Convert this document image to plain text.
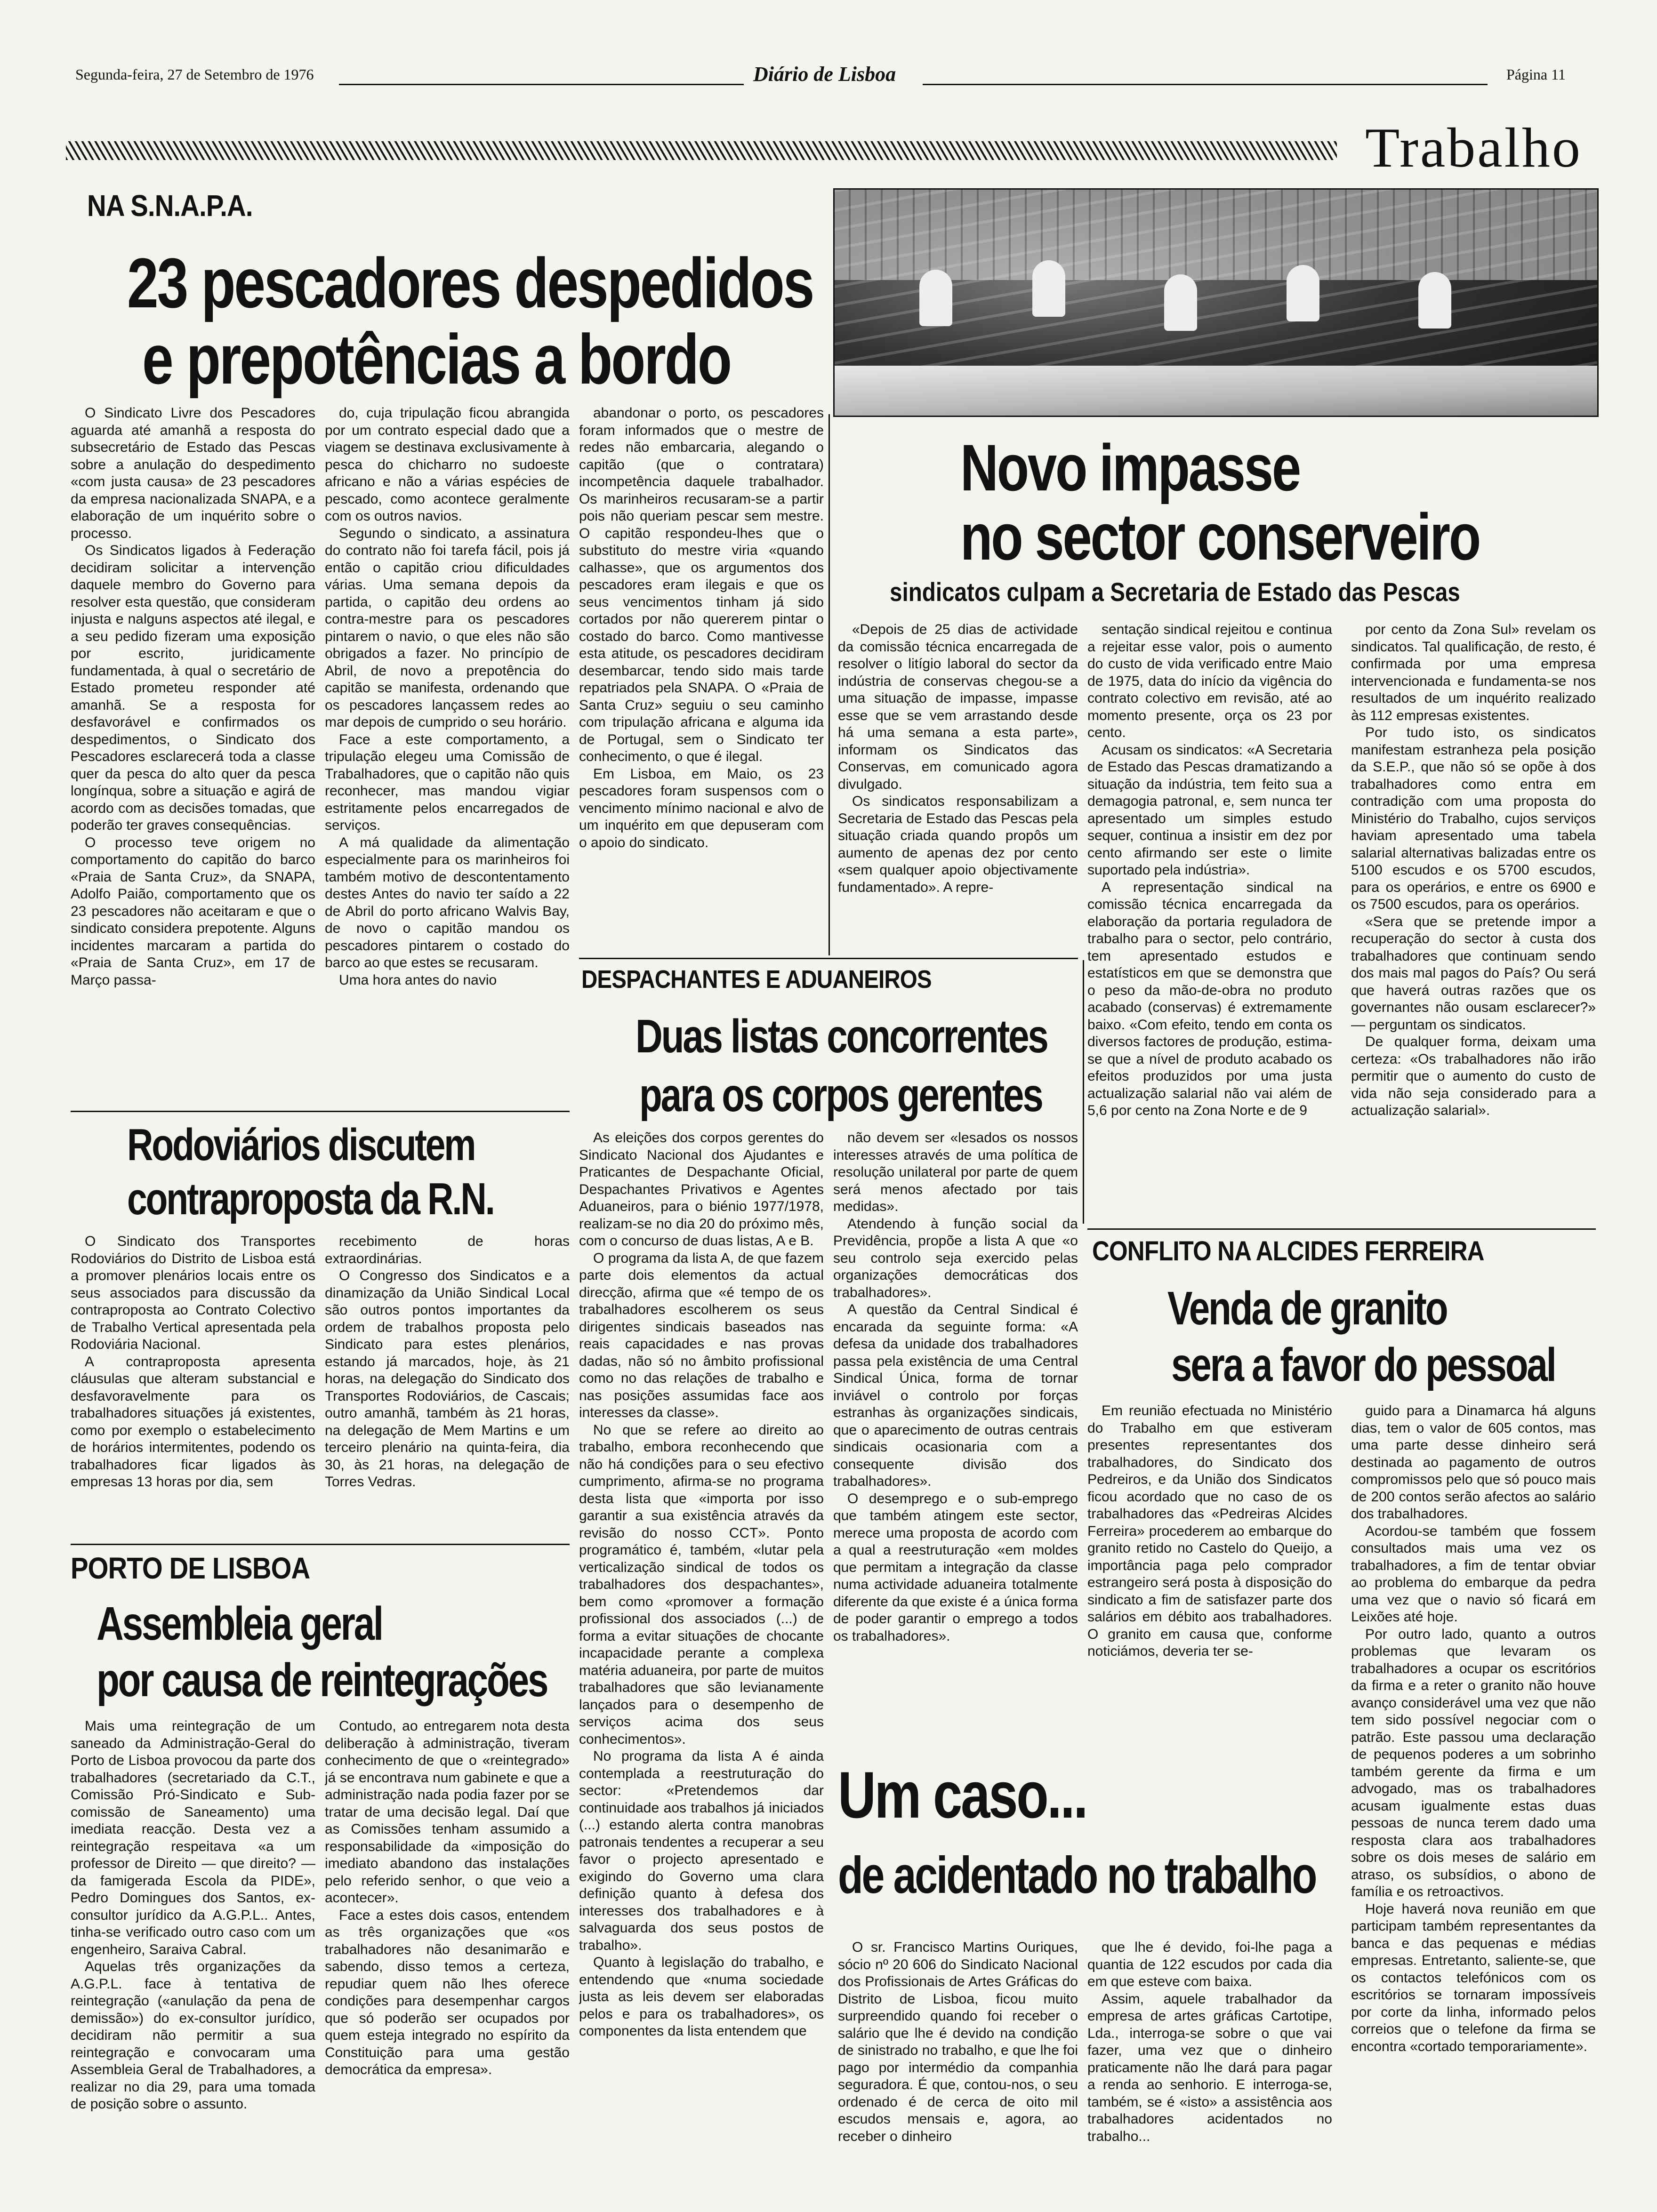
Segunda-feira, 27 de Setembro de 1976	Diário de Lisboa	Página 11
Trabalho
NA S.N.A.P.A.
23 pescadores despedidos
e prepotências a bordo

O Sindicato Livre dos Pescadores aguarda até amanhã a resposta do subsecretário de Estado das Pescas sobre a anulação do despedimento «com justa causa» de 23 pescadores da empresa nacionalizada SNAPA, e a elaboração de um inquérito sobre o processo.

Os Sindicatos ligados à Federação decidiram solicitar a intervenção daquele membro do Governo para resolver esta questão, que consideram injusta e nalguns aspectos até ilegal, e a seu pedido fizeram uma exposição por escrito, juridicamente fundamentada, à qual o secretário de Estado prometeu responder até amanhã. Se a resposta for desfavorável e confirmados os despedimentos, o Sindicato dos Pescadores esclarecerá toda a classe quer da pesca do alto quer da pesca longínqua, sobre a situação e agirá de acordo com as decisões tomadas, que poderão ter graves consequências.

O processo teve origem no comportamento do capitão do barco «Praia de Santa Cruz», da SNAPA, Adolfo Paião, comportamento que os 23 pescadores não aceitaram e que o sindicato considera prepotente. Alguns incidentes marcaram a partida do «Praia de Santa Cruz», em 17 de Março passa-

do, cuja tripulação ficou abrangida por um contrato especial dado que a viagem se destinava exclusivamente à pesca do chicharro no sudoeste africano e não a várias espécies de pescado, como acontece geralmente com os outros navios.

Segundo o sindicato, a assinatura do contrato não foi tarefa fácil, pois já então o capitão criou dificuldades várias. Uma semana depois da partida, o capitão deu ordens ao contra-mestre para os pescadores pintarem o navio, o que eles não são obrigados a fazer. No princípio de Abril, de novo a prepotência do capitão se manifesta, ordenando que os pescadores lançassem redes ao mar depois de cumprido o seu horário.

Face a este comportamento, a tripulação elegeu uma Comissão de Trabalhadores, que o capitão não quis reconhecer, mas mandou vigiar estritamente pelos encarregados de serviços.

A má qualidade da alimentação especialmente para os marinheiros foi também motivo de descontentamento destes Antes do navio ter saído a 22 de Abril do porto africano Walvis Bay, de novo o capitão mandou os pescadores pintarem o costado do barco ao que estes se recusaram.

Uma hora antes do navio

abandonar o porto, os pescadores foram informados que o mestre de redes não embarcaria, alegando o capitão (que o contratara) incompetência daquele trabalhador. Os marinheiros recusaram-se a partir pois não queriam pescar sem mestre. O capitão respondeu-lhes que o substituto do mestre viria «quando calhasse», que os argumentos dos pescadores eram ilegais e que os seus vencimentos tinham já sido cortados por não quererem pintar o costado do barco. Como mantivesse esta atitude, os pescadores decidiram desembarcar, tendo sido mais tarde repatriados pela SNAPA. O «Praia de Santa Cruz» seguiu o seu caminho com tripulação africana e alguma ida de Portugal, sem o Sindicato ter conhecimento, o que é ilegal.

Em Lisboa, em Maio, os 23 pescadores foram suspensos com o vencimento mínimo nacional e alvo de um inquérito em que depuseram com o apoio do sindicato.

Novo impasse
no sector conserveiro
sindicatos culpam a Secretaria de Estado das Pescas

«Depois de 25 dias de actividade da comissão técnica encarregada de resolver o litígio laboral do sector da indústria de conservas chegou-se a uma situação de impasse, impasse esse que se vem arrastando desde há uma semana a esta parte», informam os Sindicatos das Conservas, em comunicado agora divulgado.

Os sindicatos responsabilizam a Secretaria de Estado das Pescas pela situação criada quando propôs um aumento de apenas dez por cento «sem qualquer apoio objectivamente fundamentado». A repre-

sentação sindical rejeitou e continua a rejeitar esse valor, pois o aumento do custo de vida verificado entre Maio de 1975, data do início da vigência do contrato colectivo em revisão, até ao momento presente, orça os 23 por cento.

Acusam os sindicatos: «A Secretaria de Estado das Pescas dramatizando a situação da indústria, tem feito sua a demagogia patronal, e, sem nunca ter apresentado um simples estudo sequer, continua a insistir em dez por cento afirmando ser este o limite suportado pela indústria».

A representação sindical na comissão técnica encarregada da elaboração da portaria reguladora de trabalho para o sector, pelo contrário, tem apresentado estudos e estatísticos em que se demonstra que o peso da mão-de-obra no produto acabado (conservas) é extremamente baixo. «Com efeito, tendo em conta os diversos factores de produção, estima-se que a nível de produto acabado os efeitos produzidos por uma justa actualização salarial não vai além de 5,6 por cento na Zona Norte e de 9

por cento da Zona Sul» revelam os sindicatos. Tal qualificação, de resto, é confirmada por uma empresa intervencionada e fundamenta-se nos resultados de um inquérito realizado às 112 empresas existentes.

Por tudo isto, os sindicatos manifestam estranheza pela posição da S.E.P., que não só se opõe à dos trabalhadores como entra em contradição com uma proposta do Ministério do Trabalho, cujos serviços haviam apresentado uma tabela salarial alternativas balizadas entre os 5100 escudos e os 5700 escudos, para os operários, e entre os 6900 e os 7500 escudos, para os operários.

«Sera que se pretende impor a recuperação do sector à custa dos trabalhadores que continuam sendo dos mais mal pagos do País? Ou será que haverá outras razões que os governantes não ousam esclarecer?» — perguntam os sindicatos.

De qualquer forma, deixam uma certeza: «Os trabalhadores não irão permitir que o aumento do custo de vida não seja considerado para a actualização salarial».

DESPACHANTES E ADUANEIROS
Duas listas concorrentes
para os corpos gerentes

As eleições dos corpos gerentes do Sindicato Nacional dos Ajudantes e Praticantes de Despachante Oficial, Despachantes Privativos e Agentes Aduaneiros, para o biénio 1977/1978, realizam-se no dia 20 do próximo mês, com o concurso de duas listas, A e B.

O programa da lista A, de que fazem parte dois elementos da actual direcção, afirma que «é tempo de os trabalhadores escolherem os seus dirigentes sindicais baseados nas reais capacidades e nas provas dadas, não só no âmbito profissional como no das relações de trabalho e nas posições assumidas face aos interesses da classe».

No que se refere ao direito ao trabalho, embora reconhecendo que não há condições para o seu efectivo cumprimento, afirma-se no programa desta lista que «importa por isso garantir a sua existência através da revisão do nosso CCT». Ponto programático é, também, «lutar pela verticalização sindical de todos os trabalhadores dos despachantes», bem como «promover a formação profissional dos associados (...) de forma a evitar situações de chocante incapacidade perante a complexa matéria aduaneira, por parte de muitos trabalhadores que são levianamente lançados para o desempenho de serviços acima dos seus conhecimentos».

No programa da lista A é ainda contemplada a reestruturação do sector: «Pretendemos dar continuidade aos trabalhos já iniciados (...) estando alerta contra manobras patronais tendentes a recuperar a seu favor o projecto apresentado e exigindo do Governo uma clara definição quanto à defesa dos interesses dos trabalhadores e à salvaguarda dos seus postos de trabalho».

Quanto à legislação do trabalho, e entendendo que «numa sociedade justa as leis devem ser elaboradas pelos e para os trabalhadores», os componentes da lista entendem que

não devem ser «lesados os nossos interesses através de uma política de resolução unilateral por parte de quem será menos afectado por tais medidas».

Atendendo à função social da Previdência, propõe a lista A que «o seu controlo seja exercido pelas organizações democráticas dos trabalhadores».

A questão da Central Sindical é encarada da seguinte forma: «A defesa da unidade dos trabalhadores passa pela existência de uma Central Sindical Única, forma de tornar inviável o controlo por forças estranhas às organizações sindicais, que o aparecimento de outras centrais sindicais ocasionaria com a consequente divisão dos trabalhadores».

O desemprego e o sub-emprego que também atingem este sector, merece uma proposta de acordo com a qual a reestruturação «em moldes que permitam a integração da classe numa actividade aduaneira totalmente diferente da que existe é a única forma de poder garantir o emprego a todos os trabalhadores».

Rodoviários discutem
contraproposta da R.N.

O Sindicato dos Transportes Rodoviários do Distrito de Lisboa está a promover plenários locais entre os seus associados para discussão da contraproposta ao Contrato Colectivo de Trabalho Vertical apresentada pela Rodoviária Nacional.

A contraproposta apresenta cláusulas que alteram substancial e desfavoravelmente para os trabalhadores situações já existentes, como por exemplo o estabelecimento de horários intermitentes, podendo os trabalhadores ficar ligados às empresas 13 horas por dia, sem

recebimento de horas extraordinárias.

O Congresso dos Sindicatos e a dinamização da União Sindical Local são outros pontos importantes da ordem de trabalhos proposta pelo Sindicato para estes plenários, estando já marcados, hoje, às 21 horas, na delegação do Sindicato dos Transportes Rodoviários, de Cascais; outro amanhã, também às 21 horas, na delegação de Mem Martins e um terceiro plenário na quinta-feira, dia 30, às 21 horas, na delegação de Torres Vedras.

PORTO DE LISBOA
Assembleia geral
por causa de reintegrações

Mais uma reintegração de um saneado da Administração-Geral do Porto de Lisboa provocou da parte dos trabalhadores (secretariado da C.T., Comissão Pró-Sindicato e Sub-comissão de Saneamento) uma imediata reacção. Desta vez a reintegração respeitava «a um professor de Direito — que direito? — da famigerada Escola da PIDE», Pedro Domingues dos Santos, ex-consultor jurídico da A.G.P.L.. Antes, tinha-se verificado outro caso com um engenheiro, Saraiva Cabral.

Aquelas três organizações da A.G.P.L. face à tentativa de reintegração («anulação da pena de demissão») do ex-consultor jurídico, decidiram não permitir a sua reintegração e convocaram uma Assembleia Geral de Trabalhadores, a realizar no dia 29, para uma tomada de posição sobre o assunto.

Contudo, ao entregarem nota desta deliberação à administração, tiveram conhecimento de que o «reintegrado» já se encontrava num gabinete e que a administração nada podia fazer por se tratar de uma decisão legal. Daí que as Comissões tenham assumido a responsabilidade da «imposição do imediato abandono das instalações pelo referido senhor, o que veio a acontecer».

Face a estes dois casos, entendem as três organizações que «os trabalhadores não desanimarão e sabendo, disso temos a certeza, repudiar quem não lhes oferece condições para desempenhar cargos que só poderão ser ocupados por quem esteja integrado no espírito da Constituição para uma gestão democrática da empresa».

CONFLITO NA ALCIDES FERREIRA
Venda de granito
sera a favor do pessoal

Em reunião efectuada no Ministério do Trabalho em que estiveram presentes representantes dos trabalhadores, do Sindicato dos Pedreiros, e da União dos Sindicatos ficou acordado que no caso de os trabalhadores das «Pedreiras Alcides Ferreira» procederem ao embarque do granito retido no Castelo do Queijo, a importância paga pelo comprador estrangeiro será posta à disposição do sindicato a fim de satisfazer parte dos salários em débito aos trabalhadores. O granito em causa que, conforme noticiámos, deveria ter se-

guido para a Dinamarca há alguns dias, tem o valor de 605 contos, mas uma parte desse dinheiro será destinada ao pagamento de outros compromissos pelo que só pouco mais de 200 contos serão afectos ao salário dos trabalhadores.

Acordou-se também que fossem consultados mais uma vez os trabalhadores, a fim de tentar obviar ao problema do embarque da pedra uma vez que o navio só ficará em Leixões até hoje.

Por outro lado, quanto a outros problemas que levaram os trabalhadores a ocupar os escritórios da firma e a reter o granito não houve avanço considerável uma vez que não tem sido possível negociar com o patrão. Este passou uma declaração de pequenos poderes a um sobrinho também gerente da firma e um advogado, mas os trabalhadores acusam igualmente estas duas pessoas de nunca terem dado uma resposta clara aos trabalhadores sobre os dois meses de salário em atraso, os subsídios, o abono de família e os retroactivos.

Hoje haverá nova reunião em que participam também representantes da banca e das pequenas e médias empresas. Entretanto, saliente-se, que os contactos telefónicos com os escritórios se tornaram impossíveis por corte da linha, informado pelos correios que o telefone da firma se encontra «cortado temporariamente».

Um caso...
de acidentado no trabalho

O sr. Francisco Martins Ouriques, sócio nº 20 606 do Sindicato Nacional dos Profissionais de Artes Gráficas do Distrito de Lisboa, ficou muito surpreendido quando foi receber o salário que lhe é devido na condição de sinistrado no trabalho, e que lhe foi pago por intermédio da companhia seguradora. É que, contou-nos, o seu ordenado é de cerca de oito mil escudos mensais e, agora, ao receber o dinheiro

que lhe é devido, foi-lhe paga a quantia de 122 escudos por cada dia em que esteve com baixa.

Assim, aquele trabalhador da empresa de artes gráficas Cartotipe, Lda., interroga-se sobre o que vai fazer, uma vez que o dinheiro praticamente não lhe dará para pagar a renda ao senhorio. E interroga-se, também, se é «isto» a assistência aos trabalhadores acidentados no trabalho...
